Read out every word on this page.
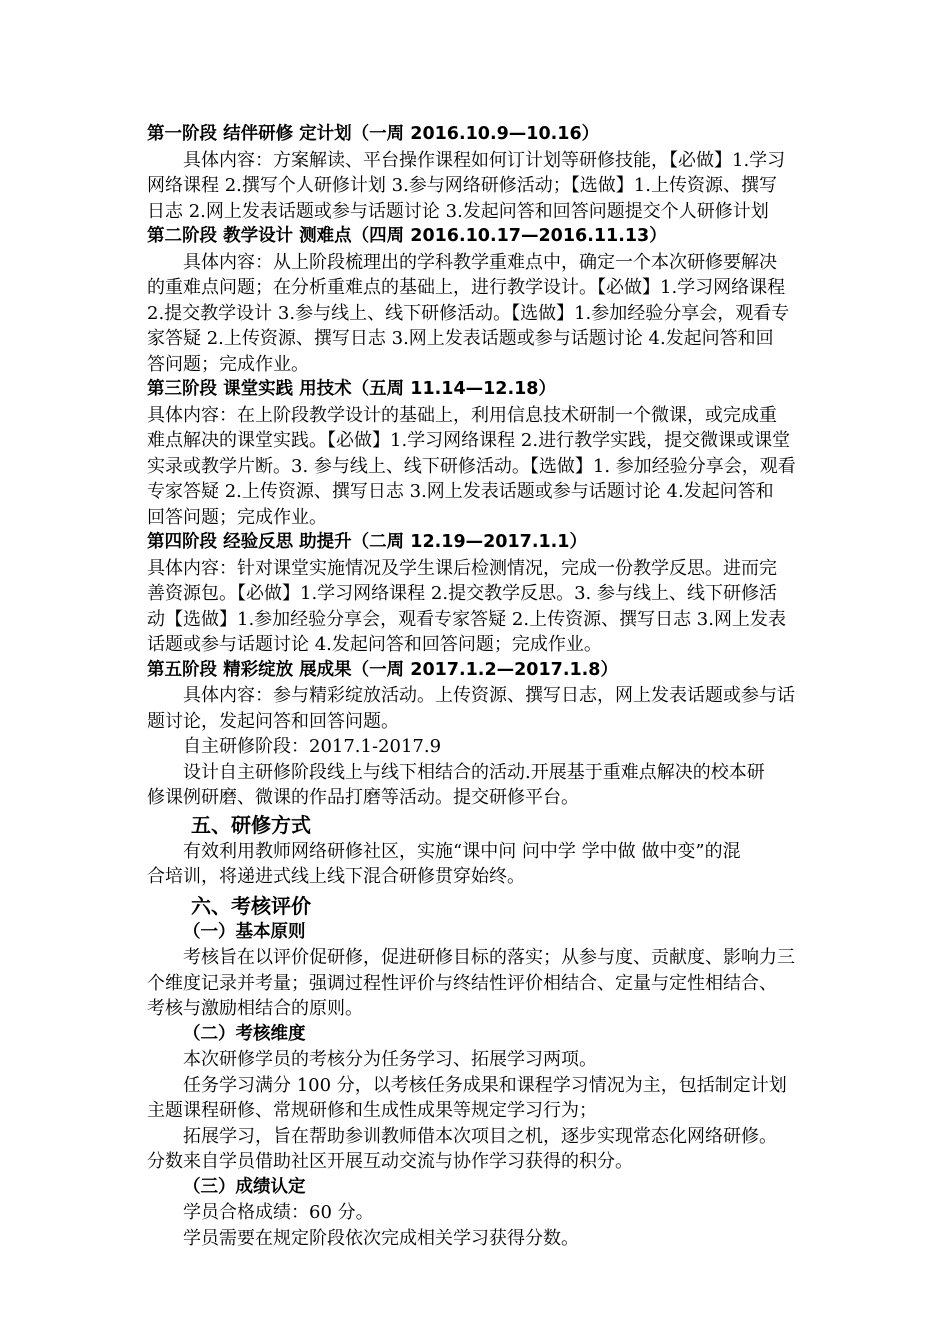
第一阶段 结伴研修 定计划（一周 2016.10.9—10.16）
具体内容：方案解读、平台操作课程如何订计划等研修技能，【必做】1.学习
网络课程 2.撰写个人研修计划 3.参与网络研修活动；【选做】1.上传资源、撰写
日志 2.网上发表话题或参与话题讨论 3.发起问答和回答问题提交个人研修计划
第二阶段 教学设计 测难点（四周 2016.10.17—2016.11.13）
具体内容：从上阶段梳理出的学科教学重难点中，确定一个本次研修要解决
的重难点问题；在分析重难点的基础上，进行教学设计。【必做】1.学习网络课程
2.提交教学设计 3.参与线上、线下研修活动。【选做】1.参加经验分享会，观看专
家答疑 2.上传资源、撰写日志 3.网上发表话题或参与话题讨论 4.发起问答和回
答问题；完成作业。
第三阶段 课堂实践 用技术（五周 11.14—12.18）
具体内容：在上阶段教学设计的基础上，利用信息技术研制一个微课，或完成重
难点解决的课堂实践。【必做】1.学习网络课程 2.进行教学实践，提交微课或课堂
实录或教学片断。3. 参与线上、线下研修活动。【选做】1. 参加经验分享会，观看
专家答疑 2.上传资源、撰写日志 3.网上发表话题或参与话题讨论 4.发起问答和
回答问题；完成作业。
第四阶段 经验反思 助提升（二周 12.19—2017.1.1）
具体内容：针对课堂实施情况及学生课后检测情况，完成一份教学反思。进而完
善资源包。【必做】1.学习网络课程 2.提交教学反思。3. 参与线上、线下研修活
动【选做】1.参加经验分享会，观看专家答疑 2.上传资源、撰写日志 3.网上发表
话题或参与话题讨论 4.发起问答和回答问题；完成作业。
第五阶段 精彩绽放 展成果（一周 2017.1.2—2017.1.8）
具体内容：参与精彩绽放活动。上传资源、撰写日志，网上发表话题或参与话
题讨论，发起问答和回答问题。
自主研修阶段：2017.1-2017.9
设计自主研修阶段线上与线下相结合的活动.开展基于重难点解决的校本研
修课例研磨、微课的作品打磨等活动。提交研修平台。
五、研修方式
有效利用教师网络研修社区，实施“课中问 问中学 学中做 做中变”的混
合培训，将递进式线上线下混合研修贯穿始终。
六、考核评价
（一）基本原则
考核旨在以评价促研修，促进研修目标的落实；从参与度、贡献度、影响力三
个维度记录并考量；强调过程性评价与终结性评价相结合、定量与定性相结合、
考核与激励相结合的原则。
（二）考核维度
本次研修学员的考核分为任务学习、拓展学习两项。
任务学习满分 100 分，以考核任务成果和课程学习情况为主，包括制定计划
主题课程研修、常规研修和生成性成果等规定学习行为；
拓展学习，旨在帮助参训教师借本次项目之机，逐步实现常态化网络研修。
分数来自学员借助社区开展互动交流与协作学习获得的积分。
（三）成绩认定
学员合格成绩：60 分。
学员需要在规定阶段依次完成相关学习获得分数。
